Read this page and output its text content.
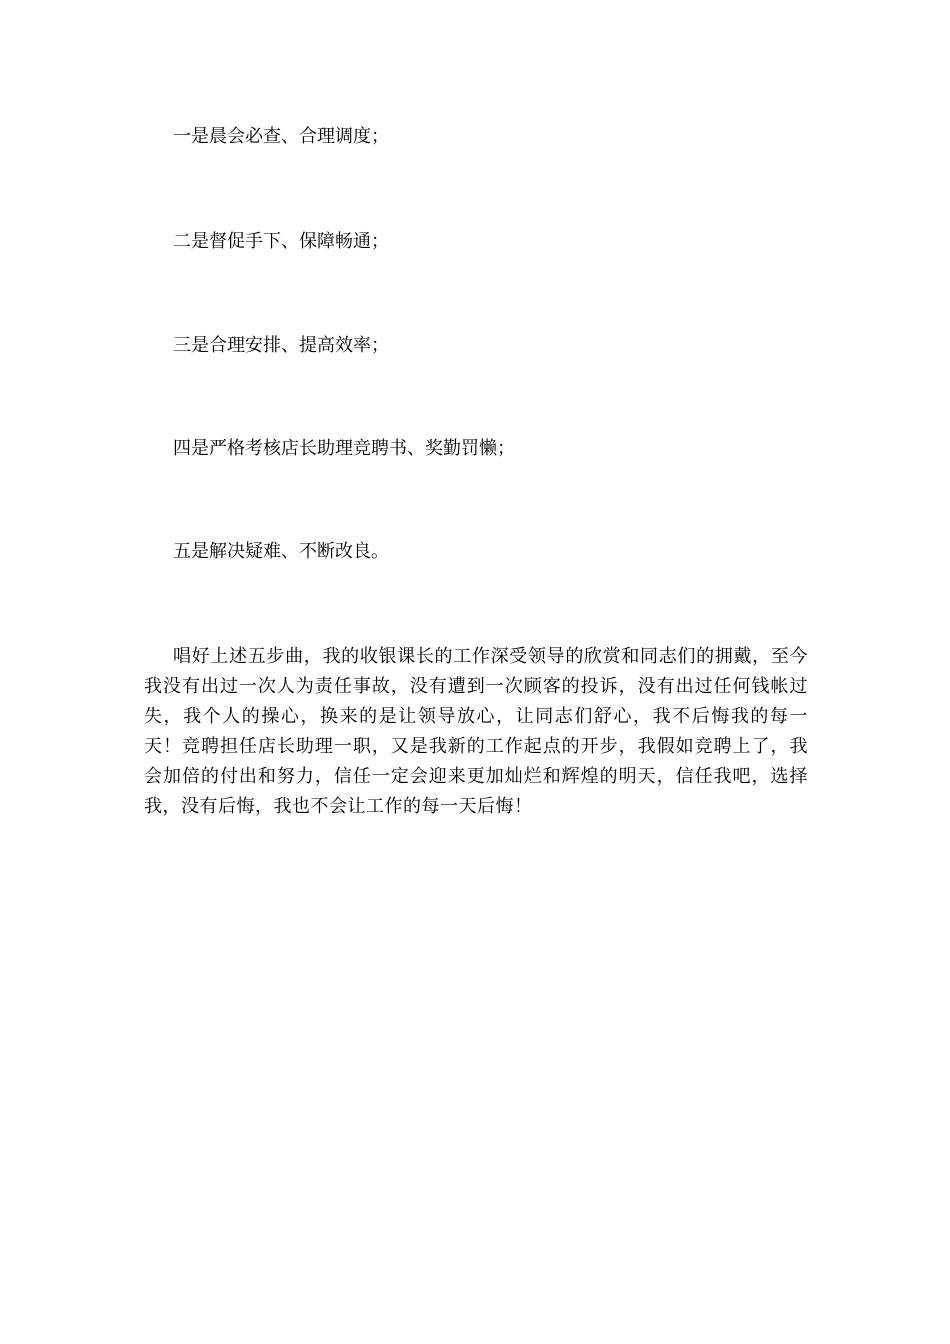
一是晨会必查、合理调度；
二是督促手下、保障畅通；
三是合理安排、提高效率；
四是严格考核店长助理竞聘书、奖勤罚懒；
五是解决疑难、不断改良。

唱好上述五步曲，我的收银课长的工作深受领导的欣赏和同志们的拥戴，至今我没有出过一次人为责任事故，没有遭到一次顾客的投诉，没有出过任何钱帐过失，我个人的操心，换来的是让领导放心，让同志们舒心，我不后悔我的每一天！竞聘担任店长助理一职，又是我新的工作起点的开步，我假如竞聘上了，我会加倍的付出和努力，信任一定会迎来更加灿烂和辉煌的明天，信任我吧，选择我，没有后悔，我也不会让工作的每一天后悔！
